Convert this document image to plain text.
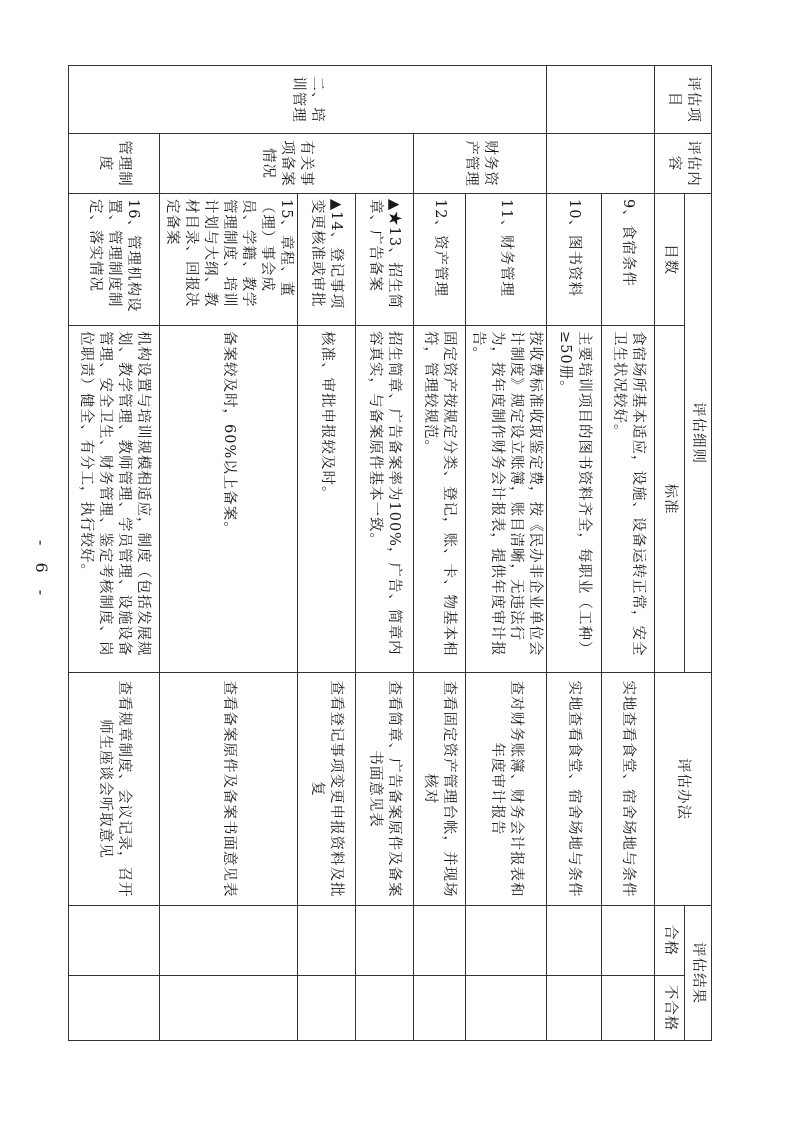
评估项目	评估内容	评估细则		评估办法	评估结果	
		目数	标准		合格	不合格
		9、食宿条件	食宿场所基本适应，设施、设备运转正常，安全卫生状况较好。	实地查看食堂、宿舍场地与条件		
		10、图书资料	主要培训项目的图书资料齐全，每职业（工种）≥50册。	实地查看食堂、宿舍场地与条件		
二、培训管理	财务资产管理	11、财务管理	按收费标准收取鉴定费，按《民办非企业单位会计制度》规定设立账簿，账目清晰，无违法行为，按年度制作财务会计报表，提供年度审计报告。	查对财务账簿、财务会计报表和年度审计报告		
		12、资产管理	固定资产按规定分类、登记，账、卡、物基本相符，管理较规范。	查看固定资产管理台帐，并现场核对		
	有关事项备案情况	▲★13、招生简章、广告备案	招生简章、广告备案率为100%，广告、简章内容真实，与备案原件基本一致。	查看简章、广告备案原件及备案书面意见表		
		▲14、登记事项变更核准或审批	核准、审批申报较及时。	查看登记事项变更申报资料及批复		
		15、章程、董（理）事会成员、学籍、教学管理制度、培训计划与大纲、教材目录、回报决定备案	备案较及时，60%以上备案。	查看备案原件及备案书面意见表		
	管理制度	16、管理机构设置、管理制度制定、落实情况	机构设置与培训规模相适应，制度（包括发展规划、教学管理、教师管理、学员管理、设施设备管理、安全卫生、财务管理、鉴定考核制度、岗位职责）健全、有分工，执行较好。	查看规章制度、会议记录，召开师生座谈会听取意见		
- 6 -
